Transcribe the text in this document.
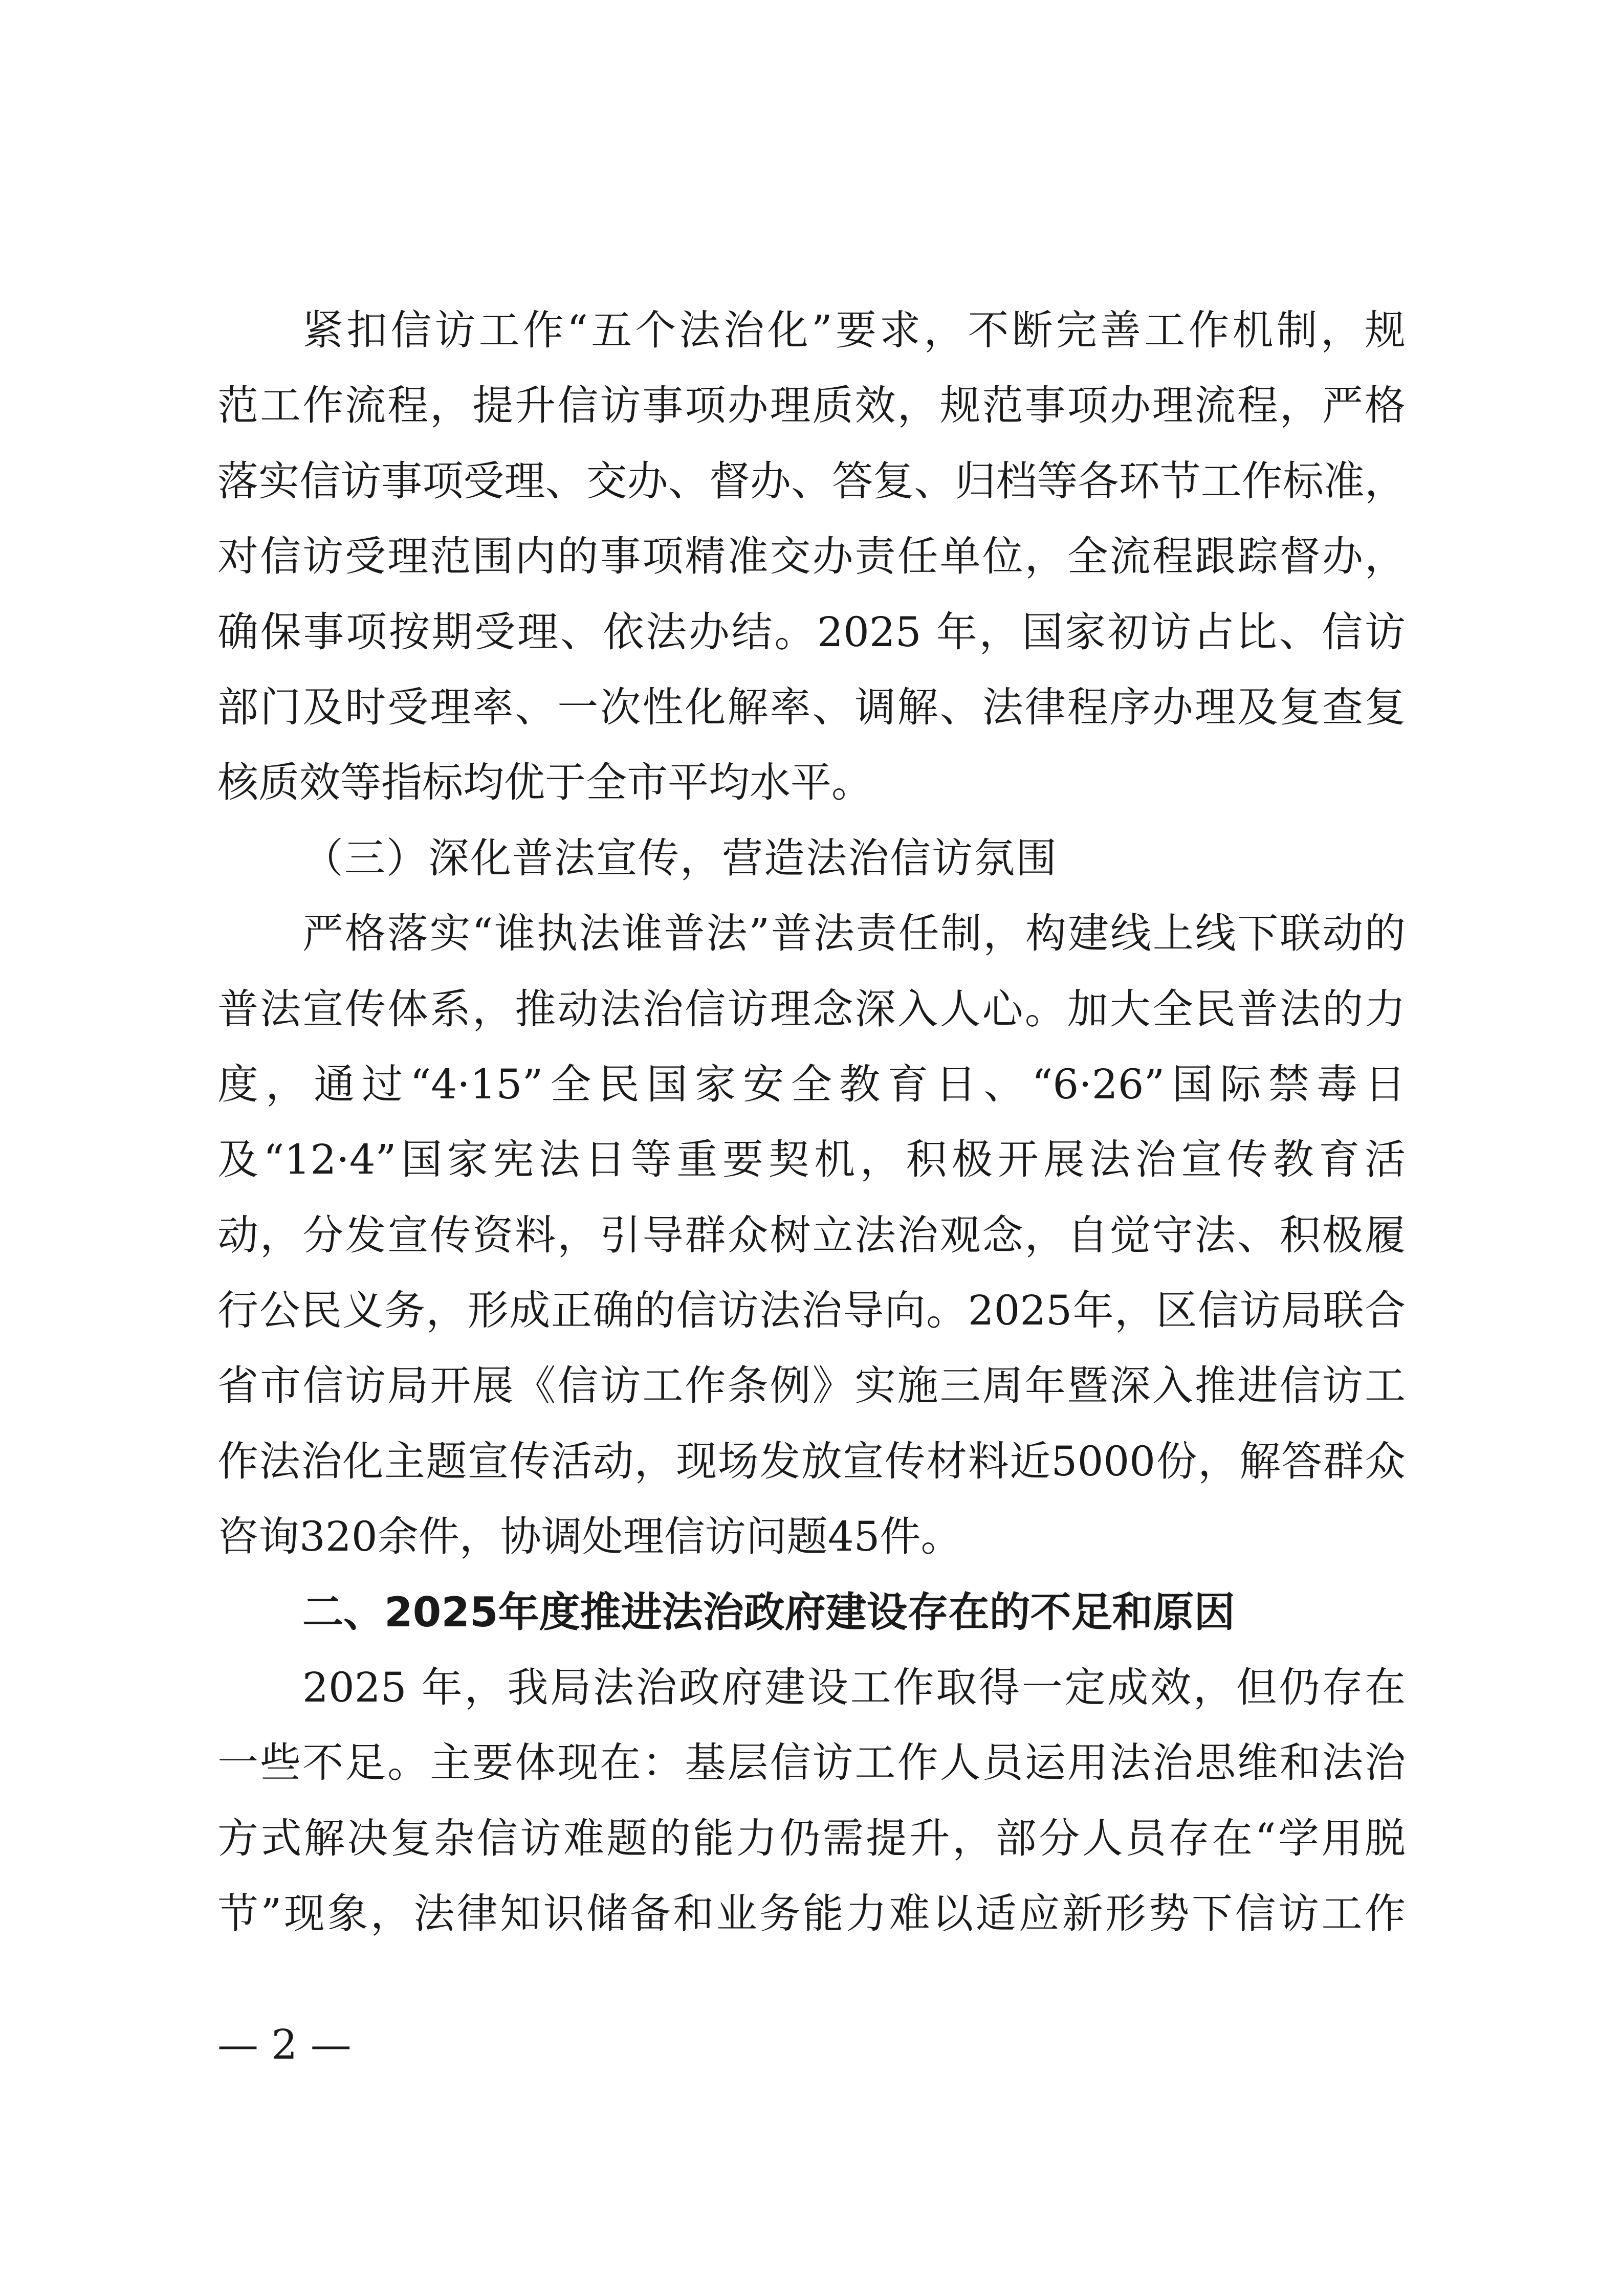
紧扣信访工作“五个法治化”要求，不断完善工作机制，规
范工作流程，提升信访事项办理质效，规范事项办理流程，严格
落实信访事项受理、交办、督办、答复、归档等各环节工作标准，
对信访受理范围内的事项精准交办责任单位，全流程跟踪督办，
确保事项按期受理、依法办结。2025 年，国家初访占比、信访
部门及时受理率、一次性化解率、调解、法律程序办理及复查复
核质效等指标均优于全市平均水平。
（三）深化普法宣传，营造法治信访氛围
严格落实“谁执法谁普法”普法责任制，构建线上线下联动的
普法宣传体系，推动法治信访理念深入人心。加大全民普法的力
度，通过“4·15”全民国家安全教育日、“6·26”国际禁毒日
及“12·4”国家宪法日等重要契机，积极开展法治宣传教育活
动，分发宣传资料，引导群众树立法治观念，自觉守法、积极履
行公民义务，形成正确的信访法治导向。2025年，区信访局联合
省市信访局开展《信访工作条例》实施三周年暨深入推进信访工
作法治化主题宣传活动，现场发放宣传材料近5000份，解答群众
咨询320余件，协调处理信访问题45件。
二、2025年度推进法治政府建设存在的不足和原因
2025 年，我局法治政府建设工作取得一定成效，但仍存在
一些不足。主要体现在：基层信访工作人员运用法治思维和法治
方式解决复杂信访难题的能力仍需提升，部分人员存在“学用脱
节”现象，法律知识储备和业务能力难以适应新形势下信访工作
— 2 —
